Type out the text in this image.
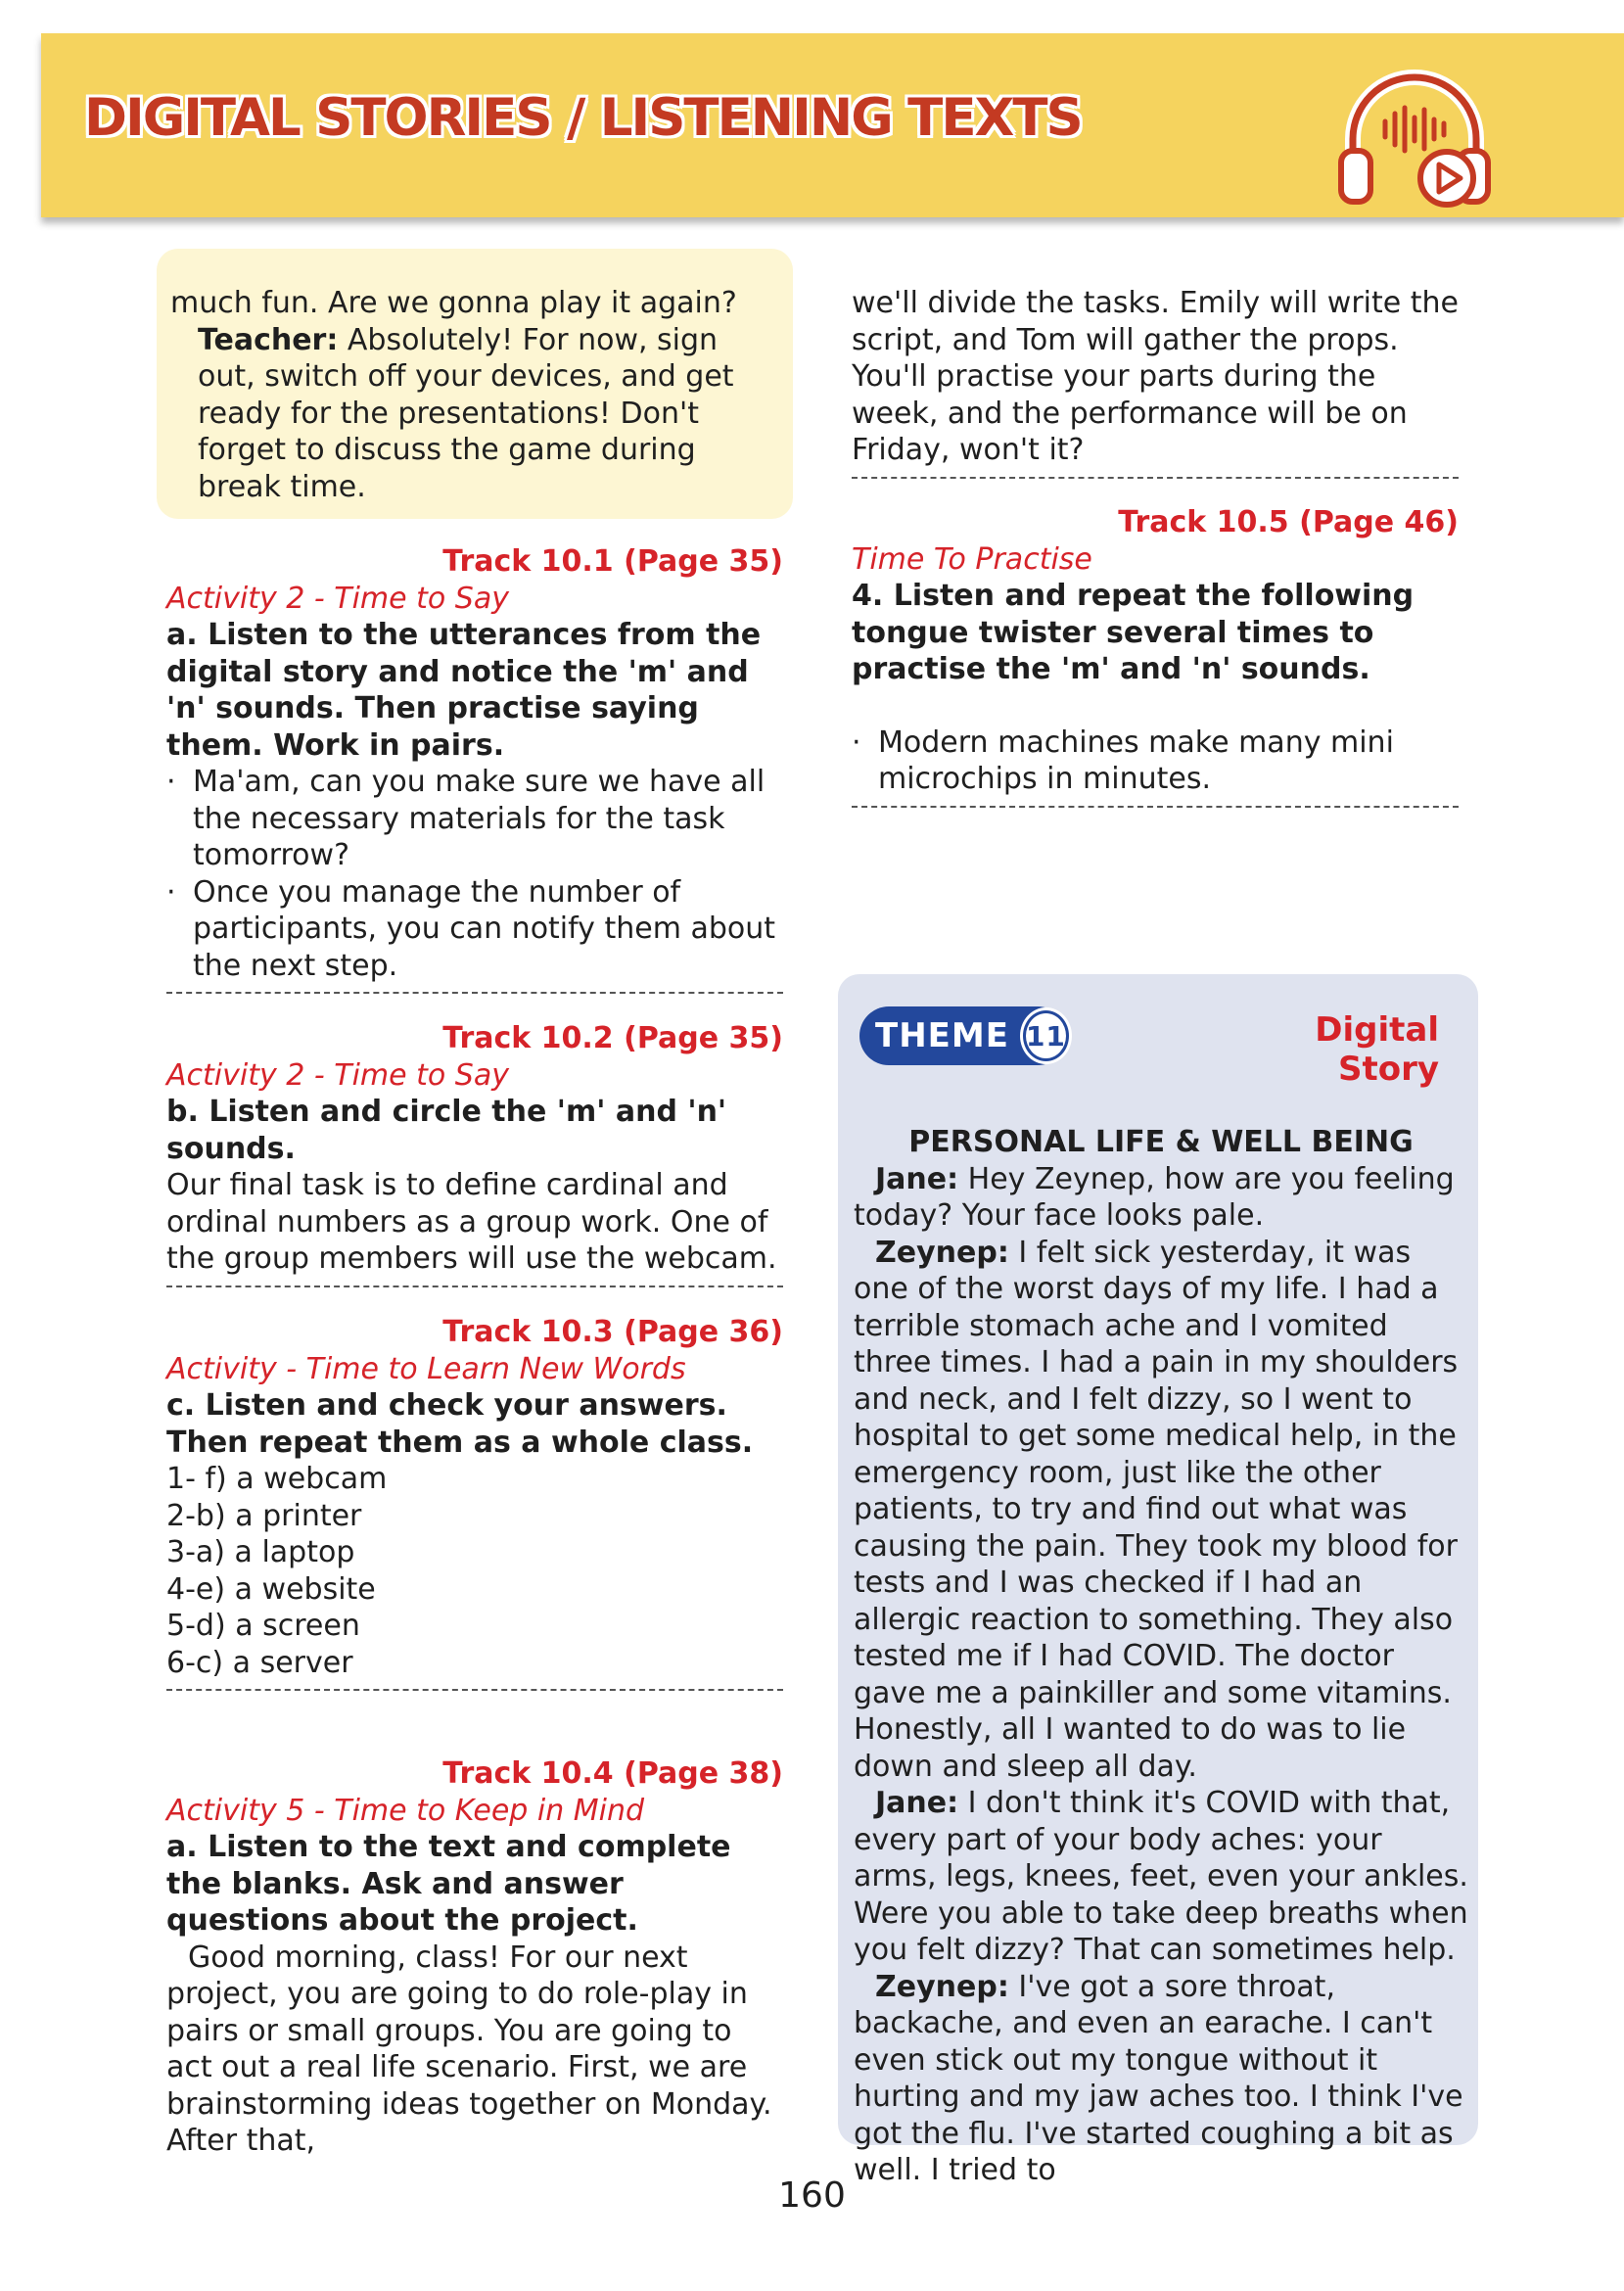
DIGITAL STORIES / LISTENING TEXTS

much fun. Are we gonna play it again?

Teacher: Absolutely! For now, sign out, switch off your devices, and get ready for the presentations! Don't forget to discuss the game during break time.

Track 10.1 (Page 35)

Activity 2 - Time to Say

a. Listen to the utterances from the digital story and notice the 'm' and 'n' sounds. Then practise saying them. Work in pairs.

· Ma'am, can you make sure we have all the necessary materials for the task tomorrow?

· Once you manage the number of participants, you can notify them about the next step.

Track 10.2 (Page 35)

Activity 2 - Time to Say

b. Listen and circle the 'm' and 'n' sounds.

Our final task is to define cardinal and ordinal numbers as a group work. One of the group members will use the webcam.

Track 10.3 (Page 36)

Activity - Time to Learn New Words

c. Listen and check your answers. Then repeat them as a whole class.

1- f) a webcam

2-b) a printer

3-a) a laptop

4-e) a website

5-d) a screen

6-c) a server

Track 10.4 (Page 38)

Activity 5 - Time to Keep in Mind

a. Listen to the text and complete the blanks. Ask and answer questions about the project.

Good morning, class! For our next project, you are going to do role-play in pairs or small groups. You are going to act out a real life scenario. First, we are brainstorming ideas together on Monday. After that,

we'll divide the tasks. Emily will write the script, and Tom will gather the props. You'll practise your parts during the week, and the performance will be on Friday, won't it?

Track 10.5 (Page 46)

Time To Practise

4. Listen and repeat the following tongue twister several times to practise the 'm' and 'n' sounds.

· Modern machines make many mini microchips in minutes.

THEME 11	Digital Story

PERSONAL LIFE & WELL BEING

Jane: Hey Zeynep, how are you feeling today? Your face looks pale.

Zeynep: I felt sick yesterday, it was one of the worst days of my life. I had a terrible stomach ache and I vomited three times. I had a pain in my shoulders and neck, and I felt dizzy, so I went to hospital to get some medical help, in the emergency room, just like the other patients, to try and find out what was causing the pain. They took my blood for tests and I was checked if I had an allergic reaction to something. They also tested me if I had COVID. The doctor gave me a painkiller and some vitamins. Honestly, all I wanted to do was to lie down and sleep all day.

Jane: I don't think it's COVID with that, every part of your body aches: your arms, legs, knees, feet, even your ankles. Were you able to take deep breaths when you felt dizzy? That can sometimes help.

Zeynep: I've got a sore throat, backache, and even an earache. I can't even stick out my tongue without it hurting and my jaw aches too. I think I've got the flu. I've started coughing a bit as well. I tried to

160
